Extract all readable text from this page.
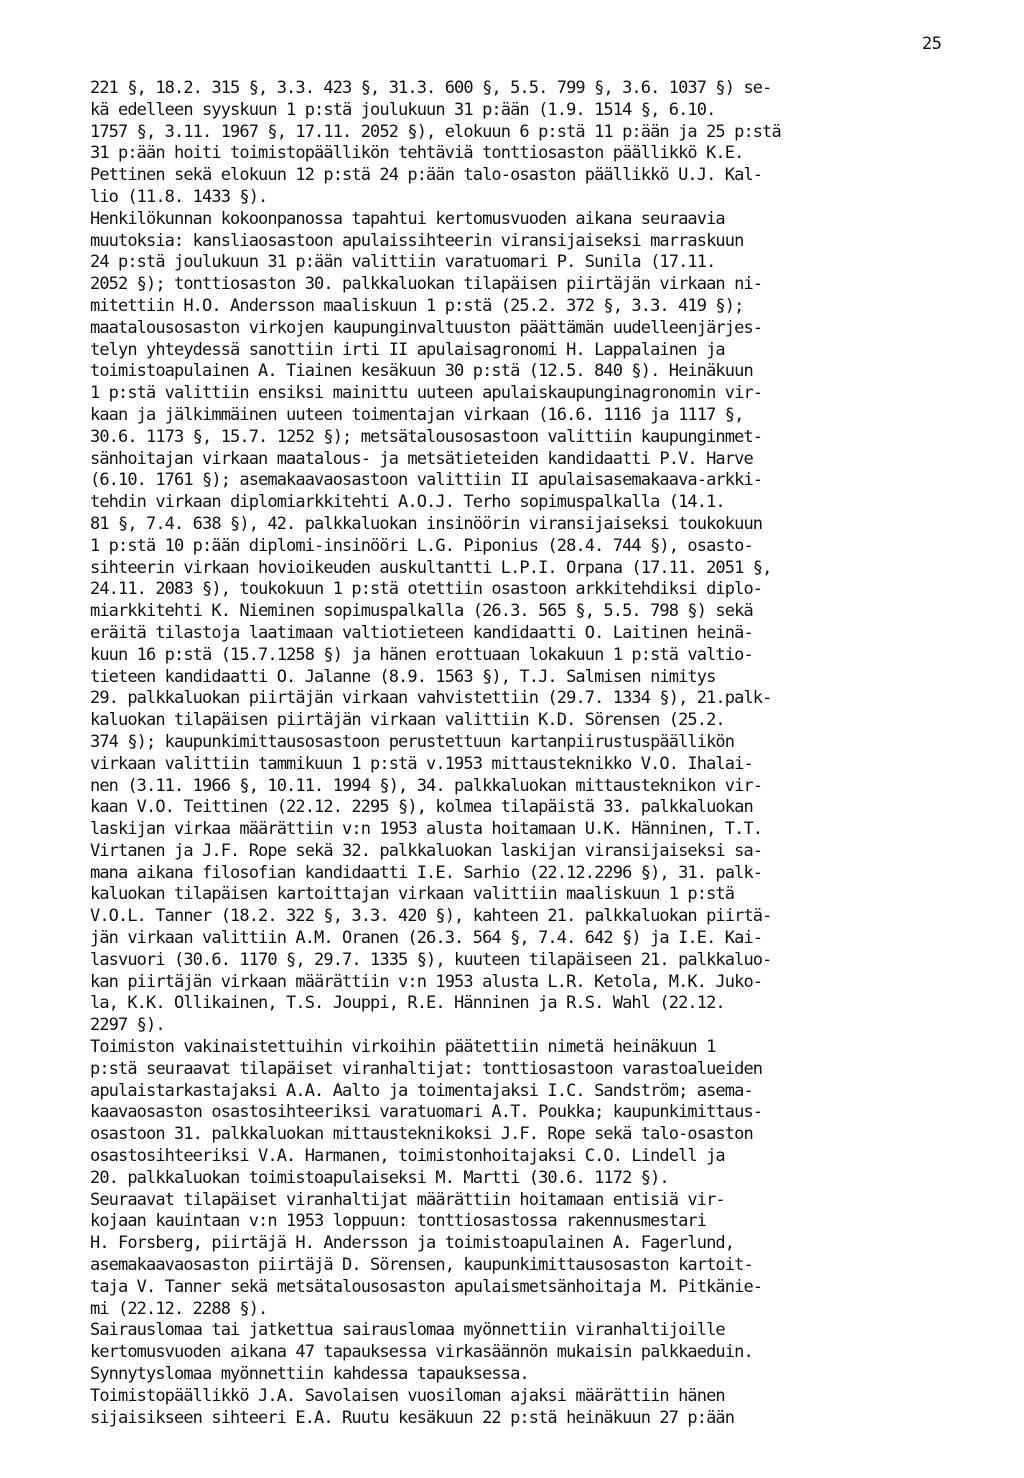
25
221 §, 18.2. 315 §, 3.3. 423 §, 31.3. 600 §, 5.5. 799 §, 3.6. 1037 §) se-
kä edelleen syyskuun 1 p:stä joulukuun 31 p:ään (1.9. 1514 §, 6.10.
1757 §, 3.11. 1967 §, 17.11. 2052 §), elokuun 6 p:stä 11 p:ään ja 25 p:stä
31 p:ään hoiti toimistopäällikön tehtäviä tonttiosaston päällikkö K.E.
Pettinen sekä elokuun 12 p:stä 24 p:ään talo-osaston päällikkö U.J. Kal-
lio (11.8. 1433 §).
Henkilökunnan kokoonpanossa tapahtui kertomusvuoden aikana seuraavia
muutoksia: kansliaosastoon apulaissihteerin viransijaiseksi marraskuun
24 p:stä joulukuun 31 p:ään valittiin varatuomari P. Sunila (17.11.
2052 §); tonttiosaston 30. palkkaluokan tilapäisen piirtäjän virkaan ni-
mitettiin H.O. Andersson maaliskuun 1 p:stä (25.2. 372 §, 3.3. 419 §);
maatalousosaston virkojen kaupunginvaltuuston päättämän uudelleenjärjes-
telyn yhteydessä sanottiin irti II apulaisagronomi H. Lappalainen ja
toimistoapulainen A. Tiainen kesäkuun 30 p:stä (12.5. 840 §). Heinäkuun
1 p:stä valittiin ensiksi mainittu uuteen apulaiskaupunginagronomin vir-
kaan ja jälkimmäinen uuteen toimentajan virkaan (16.6. 1116 ja 1117 §,
30.6. 1173 §, 15.7. 1252 §); metsätalousosastoon valittiin kaupunginmet-
sänhoitajan virkaan maatalous- ja metsätieteiden kandidaatti P.V. Harve
(6.10. 1761 §); asemakaavaosastoon valittiin II apulaisasemakaava-arkki-
tehdin virkaan diplomiarkkitehti A.O.J. Terho sopimuspalkalla (14.1.
81 §, 7.4. 638 §), 42. palkkaluokan insinöörin viransijaiseksi toukokuun
1 p:stä 10 p:ään diplomi-insinööri L.G. Piponius (28.4. 744 §), osasto-
sihteerin virkaan hovioikeuden auskultantti L.P.I. Orpana (17.11. 2051 §,
24.11. 2083 §), toukokuun 1 p:stä otettiin osastoon arkkitehdiksi diplo-
miarkkitehti K. Nieminen sopimuspalkalla (26.3. 565 §, 5.5. 798 §) sekä
eräitä tilastoja laatimaan valtiotieteen kandidaatti O. Laitinen heinä-
kuun 16 p:stä (15.7.1258 §) ja hänen erottuaan lokakuun 1 p:stä valtio-
tieteen kandidaatti O. Jalanne (8.9. 1563 §), T.J. Salmisen nimitys
29. palkkaluokan piirtäjän virkaan vahvistettiin (29.7. 1334 §), 21.palk-
kaluokan tilapäisen piirtäjän virkaan valittiin K.D. Sörensen (25.2.
374 §); kaupunkimittausosastoon perustettuun kartanpiirustuspäällikön
virkaan valittiin tammikuun 1 p:stä v.1953 mittausteknikko V.O. Ihalai-
nen (3.11. 1966 §, 10.11. 1994 §), 34. palkkaluokan mittausteknikon vir-
kaan V.O. Teittinen (22.12. 2295 §), kolmea tilapäistä 33. palkkaluokan
laskijan virkaa määrättiin v:n 1953 alusta hoitamaan U.K. Hänninen, T.T.
Virtanen ja J.F. Rope sekä 32. palkkaluokan laskijan viransijaiseksi sa-
mana aikana filosofian kandidaatti I.E. Sarhio (22.12.2296 §), 31. palk-
kaluokan tilapäisen kartoittajan virkaan valittiin maaliskuun 1 p:stä
V.O.L. Tanner (18.2. 322 §, 3.3. 420 §), kahteen 21. palkkaluokan piirtä-
jän virkaan valittiin A.M. Oranen (26.3. 564 §, 7.4. 642 §) ja I.E. Kai-
lasvuori (30.6. 1170 §, 29.7. 1335 §), kuuteen tilapäiseen 21. palkkaluo-
kan piirtäjän virkaan määrättiin v:n 1953 alusta L.R. Ketola, M.K. Juko-
la, K.K. Ollikainen, T.S. Jouppi, R.E. Hänninen ja R.S. Wahl (22.12.
2297 §).
Toimiston vakinaistettuihin virkoihin päätettiin nimetä heinäkuun 1
p:stä seuraavat tilapäiset viranhaltijat: tonttiosastoon varastoalueiden
apulaistarkastajaksi A.A. Aalto ja toimentajaksi I.C. Sandström; asema-
kaavaosaston osastosihteeriksi varatuomari A.T. Poukka; kaupunkimittaus-
osastoon 31. palkkaluokan mittausteknikoksi J.F. Rope sekä talo-osaston
osastosihteeriksi V.A. Harmanen, toimistonhoitajaksi C.O. Lindell ja
20. palkkaluokan toimistoapulaiseksi M. Martti (30.6. 1172 §).
Seuraavat tilapäiset viranhaltijat määrättiin hoitamaan entisiä vir-
kojaan kauintaan v:n 1953 loppuun: tonttiosastossa rakennusmestari
H. Forsberg, piirtäjä H. Andersson ja toimistoapulainen A. Fagerlund,
asemakaavaosaston piirtäjä D. Sörensen, kaupunkimittausosaston kartoit-
taja V. Tanner sekä metsätalousosaston apulaismetsänhoitaja M. Pitkänie-
mi (22.12. 2288 §).
Sairauslomaa tai jatkettua sairauslomaa myönnettiin viranhaltijoille
kertomusvuoden aikana 47 tapauksessa virkasäännön mukaisin palkkaeduin.
Synnytyslomaa myönnettiin kahdessa tapauksessa.
Toimistopäällikkö J.A. Savolaisen vuosiloman ajaksi määrättiin hänen
sijaisikseen sihteeri E.A. Ruutu kesäkuun 22 p:stä heinäkuun 27 p:ään
